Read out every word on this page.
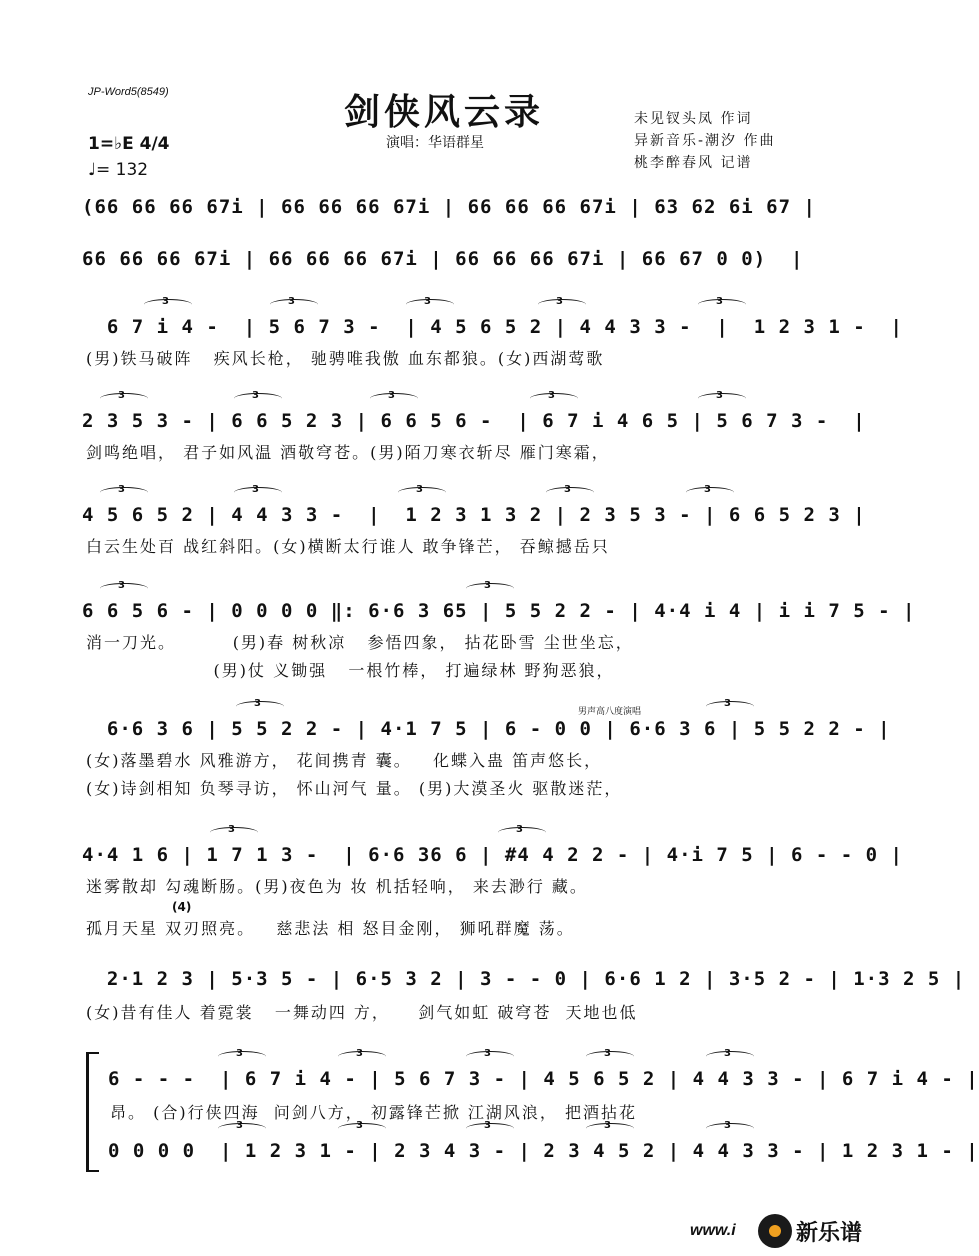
JP-Word5(8549)	剑侠风云录
演唱：华语群星
未见钗头凤 作词
异新音乐-潮汐 作曲
桃李醉春风 记谱
1=♭E 4/4
♩= 132
(66 66 66 67i | 66 66 66 67i | 66 66 66 67i | 63 62 6i 67 |
66 66 66 67i | 66 66 66 67i | 66 66 66 67i | 66 67 0 0)  |
3	3	3	3	3
6 7 i 4 -  | 5 6 7 3 -  | 4 5 6 5 2 | 4 4 3 3 -  |  1 2 3 1 -  |
(男)铁马破阵   疾风长枪， 驰骋唯我傲 血东都狼。(女)西湖莺歌
3	3	3	3	3
2 3 5 3 - | 6 6 5 2 3 | 6 6 5 6 -  | 6 7 i 4 6 5 | 5 6 7 3 -  |
剑鸣绝唱， 君子如风温 酒敬穹苍。(男)陌刀寒衣斩尽 雁门寒霜，
3	3	3	3	3
4 5 6 5 2 | 4 4 3 3 -  |  1 2 3 1 3 2 | 2 3 5 3 - | 6 6 5 2 3 |
白云生处百 战红斜阳。(女)横断太行谁人 敢争锋芒， 吞鲸撼岳只
3	3
6 6 5 6 - | 0 0 0 0 ‖: 6·6 3 65 | 5 5 2 2 - | 4·4 i 4 | i i 7 5 - |
消一刀光。        (男)春 树秋凉   参悟四象， 拈花卧雪 尘世坐忘，
(男)仗 义锄强   一根竹棒， 打遍绿林 野狗恶狼，
男声高八度演唱
3	3
6·6 3 6 | 5 5 2 2 - | 4·1 7 5 | 6 - 0 0 | 6·6 3 6 | 5 5 2 2 - |
(女)落墨碧水 风雅游方， 花间携青 囊。   化蝶入蛊 笛声悠长，
(女)诗剑相知 负琴寻访， 怀山河气 量。 (男)大漠圣火 驱散迷茫，
3	3
4·4 1 6 | 1 7 1 3 -  | 6·6 36 6 | #4 4 2 2 - | 4·i 7 5 | 6 - - 0 |
迷雾散却 勾魂断肠。(男)夜色为 妆 机括轻响， 来去渺行 藏。
(4)
孤月天星 双刃照亮。   慈悲法 相 怒目金刚， 狮吼群魔 荡。
2·1 2 3 | 5·3 5 - | 6·5 3 2 | 3 - - 0 | 6·6 1 2 | 3·5 2 - | 1·3 2 5 |
(女)昔有佳人 着霓裳   一舞动四 方，    剑气如虹 破穹苍  天地也低
3	3	3	3	3
6 - - -  | 6 7 i 4 - | 5 6 7 3 - | 4 5 6 5 2 | 4 4 3 3 - | 6 7 i 4 - |
昂。 (合)行侠四海  问剑八方， 初露锋芒掀 江湖风浪， 把酒拈花
3	3	3	3	3
0 0 0 0  | 1 2 3 1 - | 2 3 4 3 - | 2 3 4 5 2 | 4 4 3 3 - | 1 2 3 1 - |
www.i	新乐谱
